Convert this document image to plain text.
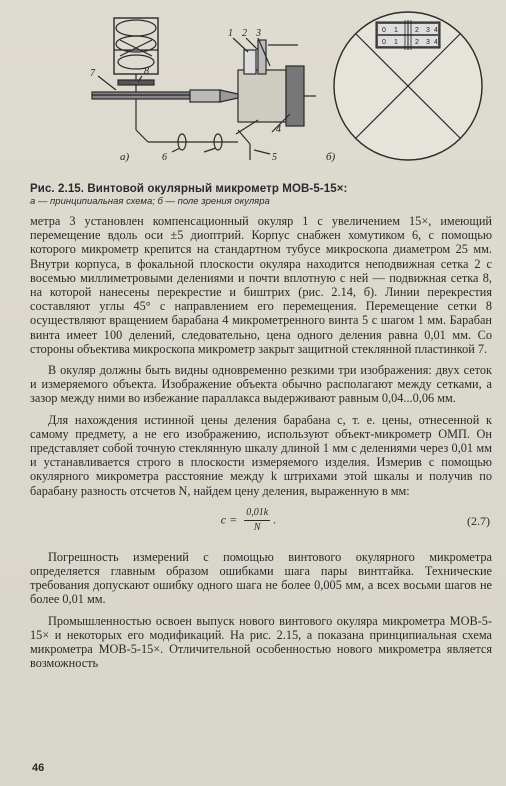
1 2 3
4
5
6
7	8
а)	б)
0 1 2 3 4
0 1 2 3 4
Рис. 2.15. Винтовой окулярный микрометр МОВ-5-15×:
а — принципиальная схема; б — поле зрения окуляра

метра 3 установлен компенсационный окуляр 1 с увеличением 15×, имеющий перемещение вдоль оси ±5 диоптрий. Корпус снабжен хомутиком 6, с помощью которого микрометр крепится на стандартном тубусе микроскопа диаметром 25 мм. Внутри корпуса, в фокальной плоскости окуляра находится неподвижная сетка 2 с восемью миллиметровыми делениями и почти вплотную с ней — подвижная сетка 8, на которой нанесены перекрестие и биштрих (рис. 2.14, б). Линии перекрестия составляют углы 45° с направлением его перемещения. Перемещение сетки 8 осуществляют вращением барабана 4 микрометренного винта 5 с шагом 1 мм. Барабан винта имеет 100 делений, следовательно, цена одного деления равна 0,01 мм. Со стороны объектива микроскопа микрометр закрыт защитной стеклянной пластинкой 7.

В окуляр должны быть видны одновременно резкими три изображения: двух сеток и измеряемого объекта. Изображение объекта обычно располагают между сетками, а зазор между ними во избежание параллакса выдерживают равным 0,04...0,06 мм.

Для нахождения истинной цены деления барабана c, т. е. цены, отнесенной к самому предмету, а не его изображению, используют объект-микрометр ОМП. Он представляет собой точную стеклянную шкалу длиной 1 мм с делениями через 0,01 мм и устанавливается строго в плоскости измеряемого изделия. Измерив с помощью окулярного микрометра расстояние между k штрихами этой шкалы и получив по барабану разность отсчетов N, найдем цену деления, выраженную в мм:

$c = \frac{0,01k}{N}$ .	(2.7)

Погрешность измерений с помощью винтового окулярного микрометра определяется главным образом ошибками шага пары винтгайка. Технические требования допускают ошибку одного шага не более 0,005 мм, а всех восьми шагов не более 0,01 мм.

Промышленностью освоен выпуск нового винтового окуляра микрометра МОВ-5-15× и некоторых его модификаций. На рис. 2.15, а показана принципиальная схема микрометра МОВ-5-15×. Отличительной особенностью нового микрометра является возможность

46
